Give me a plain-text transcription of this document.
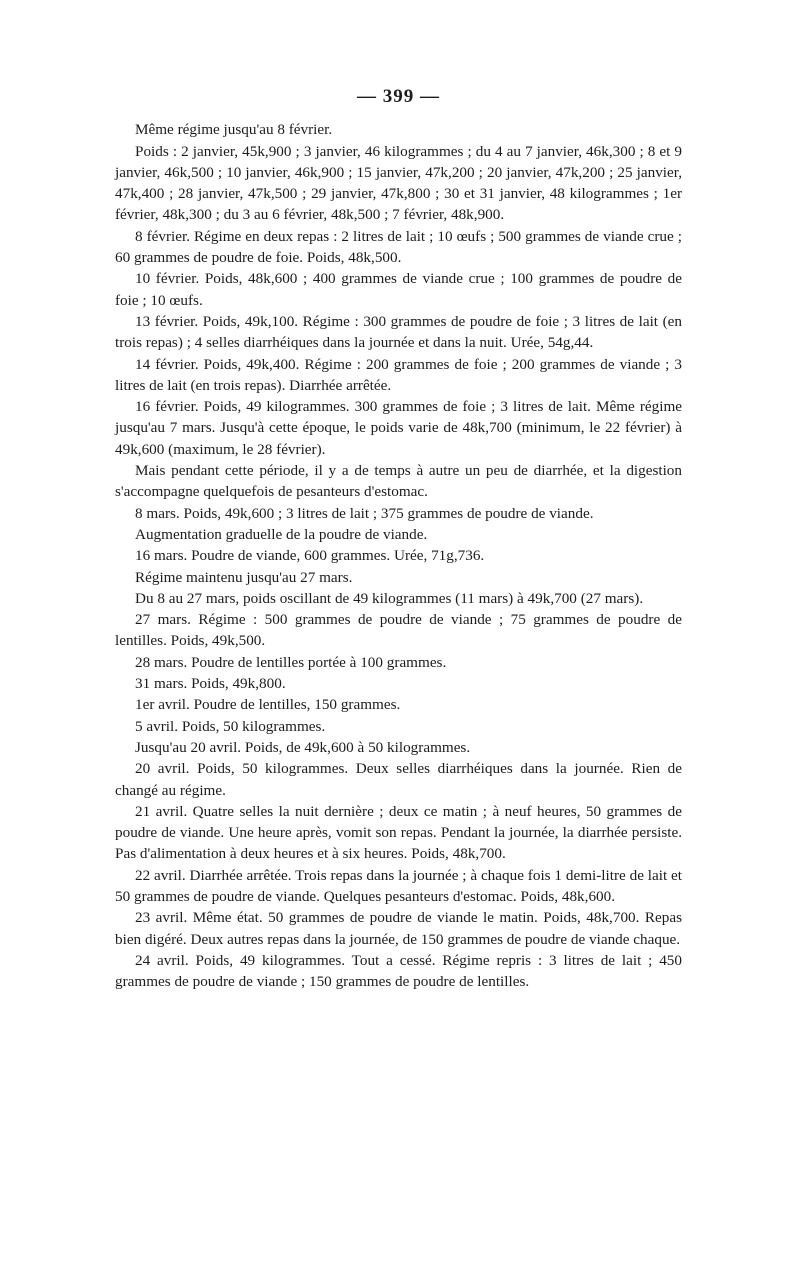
— 399 —

Même régime jusqu'au 8 février.

Poids : 2 janvier, 45k,900 ; 3 janvier, 46 kilogrammes ; du 4 au 7 janvier, 46k,300 ; 8 et 9 janvier, 46k,500 ; 10 janvier, 46k,900 ; 15 janvier, 47k,200 ; 20 janvier, 47k,200 ; 25 janvier, 47k,400 ; 28 janvier, 47k,500 ; 29 janvier, 47k,800 ; 30 et 31 janvier, 48 kilogrammes ; 1er février, 48k,300 ; du 3 au 6 février, 48k,500 ; 7 février, 48k,900.

8 février. Régime en deux repas : 2 litres de lait ; 10 œufs ; 500 grammes de viande crue ; 60 grammes de poudre de foie. Poids, 48k,500.

10 février. Poids, 48k,600 ; 400 grammes de viande crue ; 100 grammes de poudre de foie ; 10 œufs.

13 février. Poids, 49k,100. Régime : 300 grammes de poudre de foie ; 3 litres de lait (en trois repas) ; 4 selles diarrhéiques dans la journée et dans la nuit. Urée, 54g,44.

14 février. Poids, 49k,400. Régime : 200 grammes de foie ; 200 grammes de viande ; 3 litres de lait (en trois repas). Diarrhée arrêtée.

16 février. Poids, 49 kilogrammes. 300 grammes de foie ; 3 litres de lait. Même régime jusqu'au 7 mars. Jusqu'à cette époque, le poids varie de 48k,700 (minimum, le 22 février) à 49k,600 (maximum, le 28 février).

Mais pendant cette période, il y a de temps à autre un peu de diarrhée, et la digestion s'accompagne quelquefois de pesanteurs d'estomac.

8 mars. Poids, 49k,600 ; 3 litres de lait ; 375 grammes de poudre de viande.

Augmentation graduelle de la poudre de viande.

16 mars. Poudre de viande, 600 grammes. Urée, 71g,736.

Régime maintenu jusqu'au 27 mars.

Du 8 au 27 mars, poids oscillant de 49 kilogrammes (11 mars) à 49k,700 (27 mars).

27 mars. Régime : 500 grammes de poudre de viande ; 75 grammes de poudre de lentilles. Poids, 49k,500.

28 mars. Poudre de lentilles portée à 100 grammes.

31 mars. Poids, 49k,800.

1er avril. Poudre de lentilles, 150 grammes.

5 avril. Poids, 50 kilogrammes.

Jusqu'au 20 avril. Poids, de 49k,600 à 50 kilogrammes.

20 avril. Poids, 50 kilogrammes. Deux selles diarrhéiques dans la journée. Rien de changé au régime.

21 avril. Quatre selles la nuit dernière ; deux ce matin ; à neuf heures, 50 grammes de poudre de viande. Une heure après, vomit son repas. Pendant la journée, la diarrhée persiste. Pas d'alimentation à deux heures et à six heures. Poids, 48k,700.

22 avril. Diarrhée arrêtée. Trois repas dans la journée ; à chaque fois 1 demi-litre de lait et 50 grammes de poudre de viande. Quelques pesanteurs d'estomac. Poids, 48k,600.

23 avril. Même état. 50 grammes de poudre de viande le matin. Poids, 48k,700. Repas bien digéré. Deux autres repas dans la journée, de 150 grammes de poudre de viande chaque.

24 avril. Poids, 49 kilogrammes. Tout a cessé. Régime repris : 3 litres de lait ; 450 grammes de poudre de viande ; 150 grammes de poudre de lentilles.
